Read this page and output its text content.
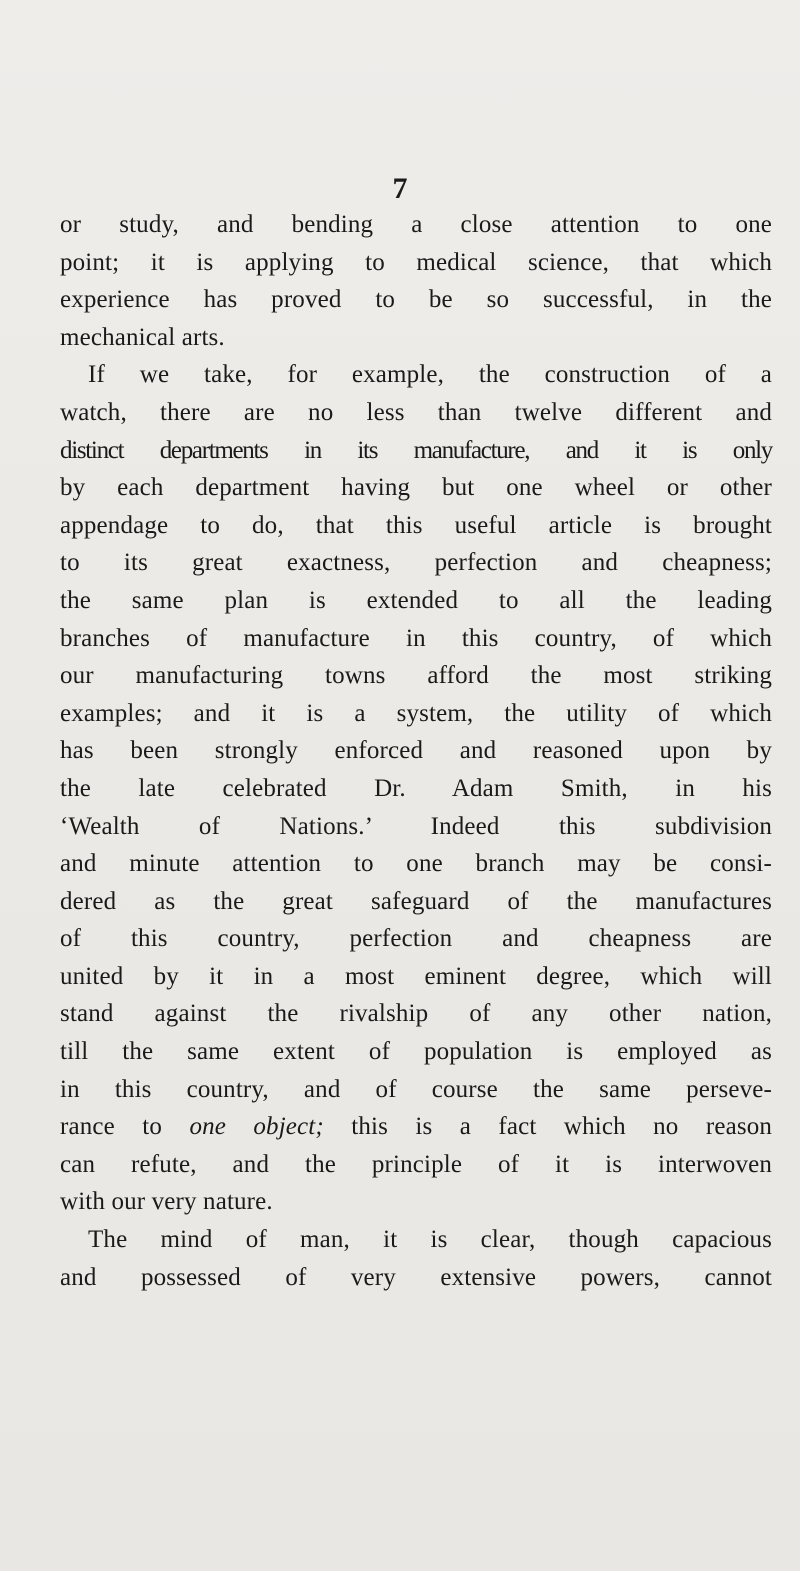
7
or study, and bending a close attention to one
point; it is applying to medical science, that which
experience has proved to be so successful, in the
mechanical arts.
If we take, for example, the construction of a
watch, there are no less than twelve different and
distinct departments in its manufacture, and it is only
by each department having but one wheel or other
appendage to do, that this useful article is brought
to its great exactness, perfection and cheapness;
the same plan is extended to all the leading
branches of manufacture in this country, of which
our manufacturing towns afford the most striking
examples; and it is a system, the utility of which
has been strongly enforced and reasoned upon by
the late celebrated Dr. Adam Smith, in his
‘Wealth of Nations.’ Indeed this subdivision
and minute attention to one branch may be consi-
dered as the great safeguard of the manufactures
of this country, perfection and cheapness are
united by it in a most eminent degree, which will
stand against the rivalship of any other nation,
till the same extent of population is employed as
in this country, and of course the same perseve-
rance to one object; this is a fact which no reason
can refute, and the principle of it is interwoven
with our very nature.
The mind of man, it is clear, though capacious
and possessed of very extensive powers, cannot
